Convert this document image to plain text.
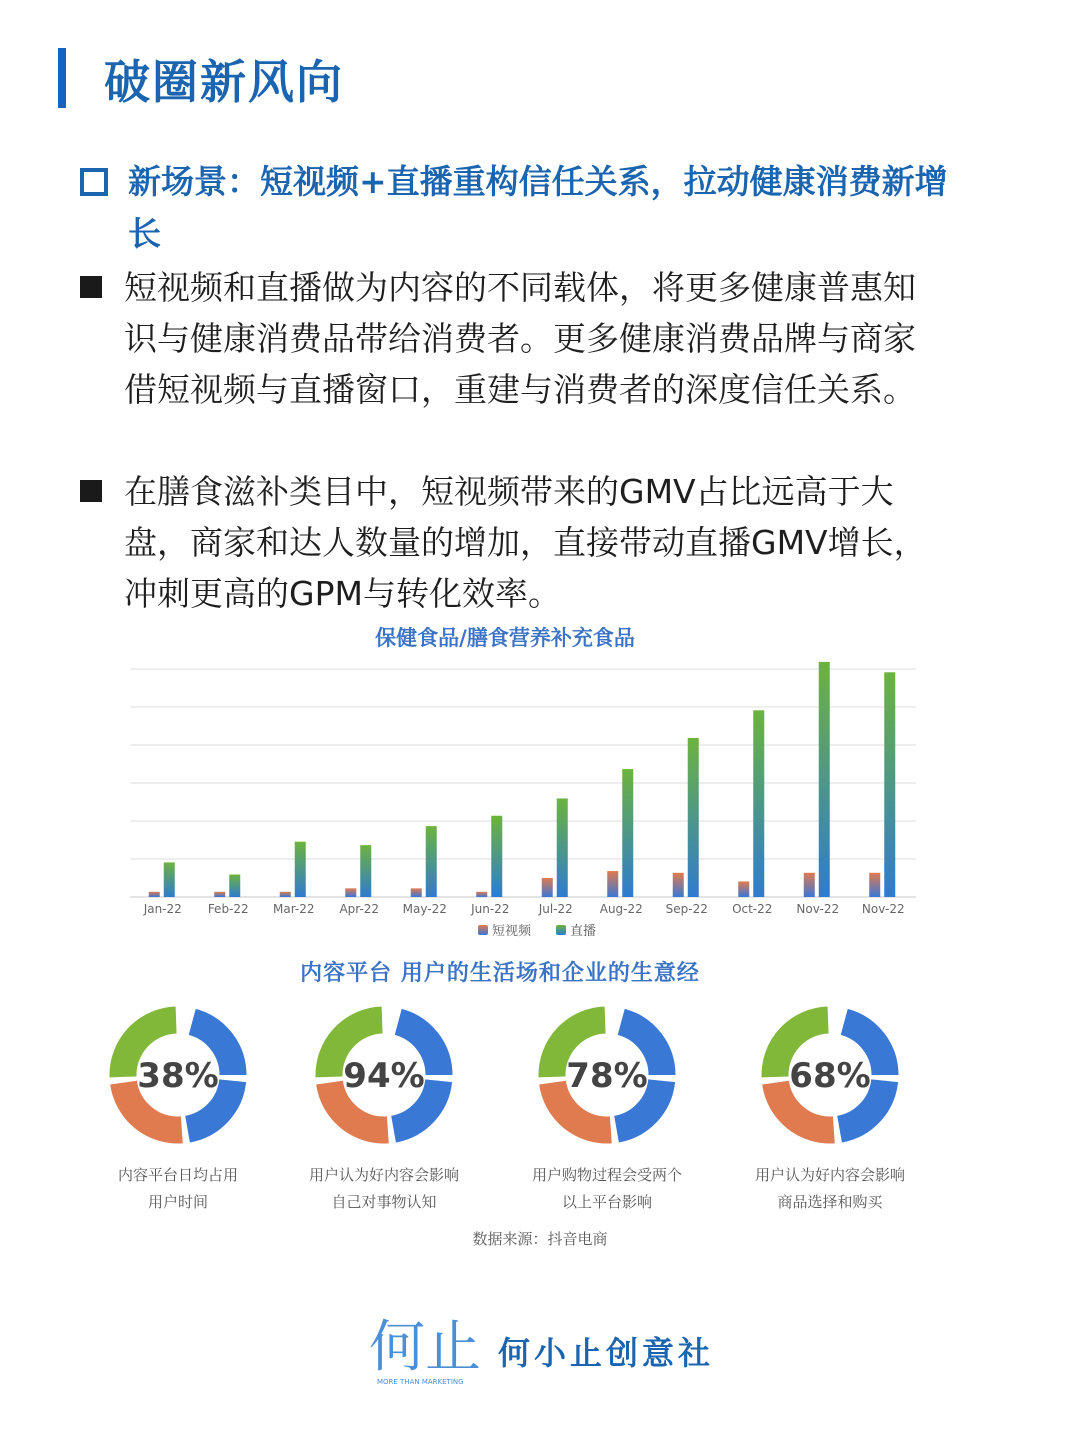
破圈新风向
新场景：短视频+直播重构信任关系，拉动健康消费新增长
短视频和直播做为内容的不同载体，将更多健康普惠知识与健康消费品带给消费者。更多健康消费品牌与商家借短视频与直播窗口，重建与消费者的深度信任关系。
在膳食滋补类目中，短视频带来的GMV占比远高于大盘，商家和达人数量的增加，直接带动直播GMV增长，冲刺更高的GPM与转化效率。
保健食品/膳食营养补充食品
Jan-22 Feb-22 Mar-22 Apr-22 May-22 Jun-22 Jul-22 Aug-22 Sep-22 Oct-22 Nov-22 Nov-22
短视频	直播
内容平台 用户的生活场和企业的生意经
38%
内容平台日均占用
用户时间
94%
用户认为好内容会影响
自己对事物认知
78%
用户购物过程会受两个
以上平台影响
68%
用户认为好内容会影响
商品选择和购买
数据来源：抖音电商
何止
MORE THAN MARKETING
何小止创意社
